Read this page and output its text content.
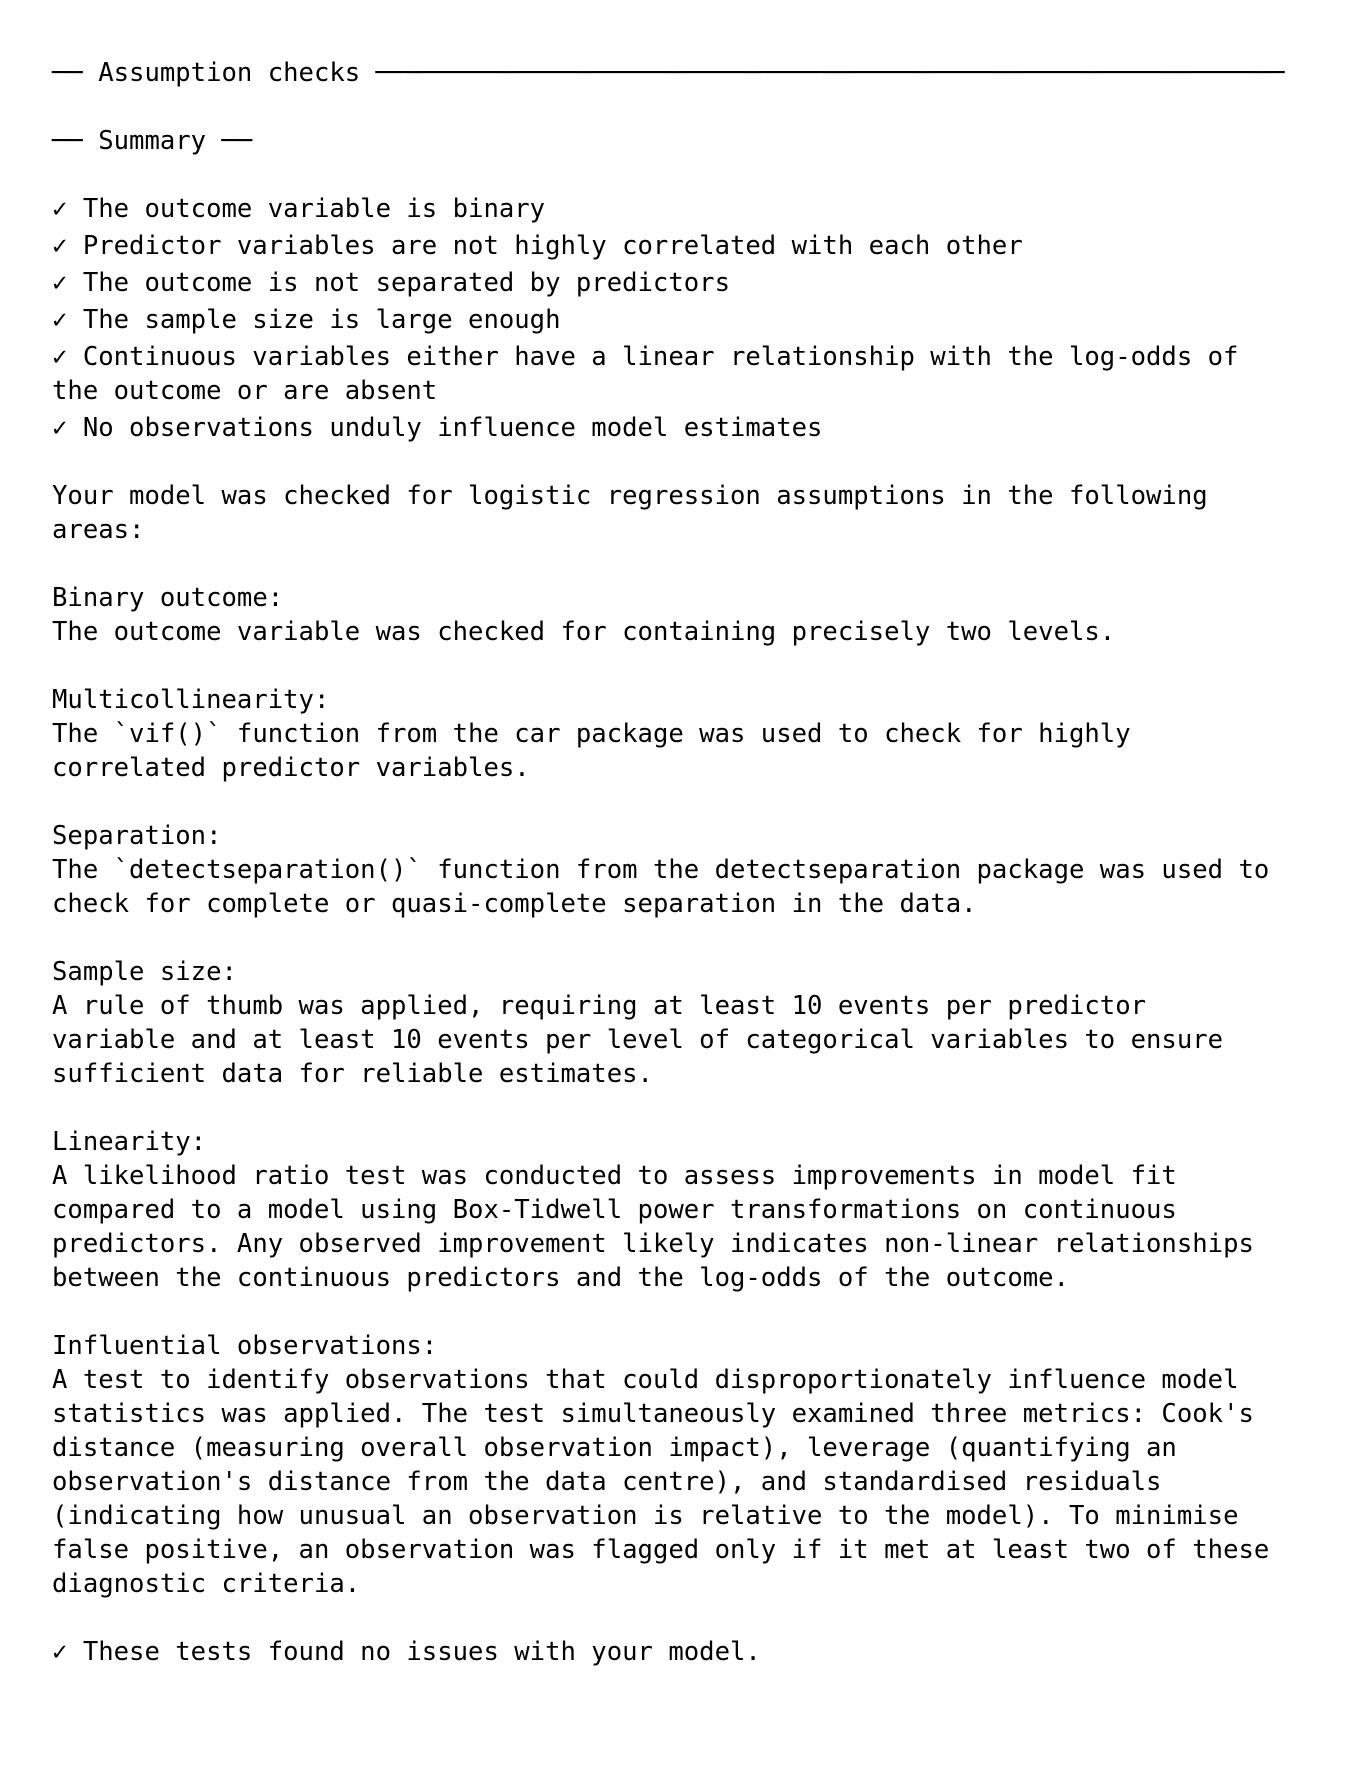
── Assumption checks ───────────────────────────────────────────────────────────
── Summary ──
✓ The outcome variable is binary
✓ Predictor variables are not highly correlated with each other
✓ The outcome is not separated by predictors
✓ The sample size is large enough
✓ Continuous variables either have a linear relationship with the log-odds of the outcome or are absent
✓ No observations unduly influence model estimates
Your model was checked for logistic regression assumptions in the following areas:
Binary outcome:
The outcome variable was checked for containing precisely two levels.
Multicollinearity:
The `vif()` function from the car package was used to check for highly correlated predictor variables.
Separation:
The `detectseparation()` function from the detectseparation package was used to check for complete or quasi-complete separation in the data.
Sample size:
A rule of thumb was applied, requiring at least 10 events per predictor variable and at least 10 events per level of categorical variables to ensure sufficient data for reliable estimates.
Linearity:
A likelihood ratio test was conducted to assess improvements in model fit compared to a model using Box-Tidwell power transformations on continuous predictors. Any observed improvement likely indicates non-linear relationships between the continuous predictors and the log-odds of the outcome.
Influential observations:
A test to identify observations that could disproportionately influence model statistics was applied. The test simultaneously examined three metrics: Cook's distance (measuring overall observation impact), leverage (quantifying an observation's distance from the data centre), and standardised residuals (indicating how unusual an observation is relative to the model). To minimise false positive, an observation was flagged only if it met at least two of these diagnostic criteria.
✓ These tests found no issues with your model.
